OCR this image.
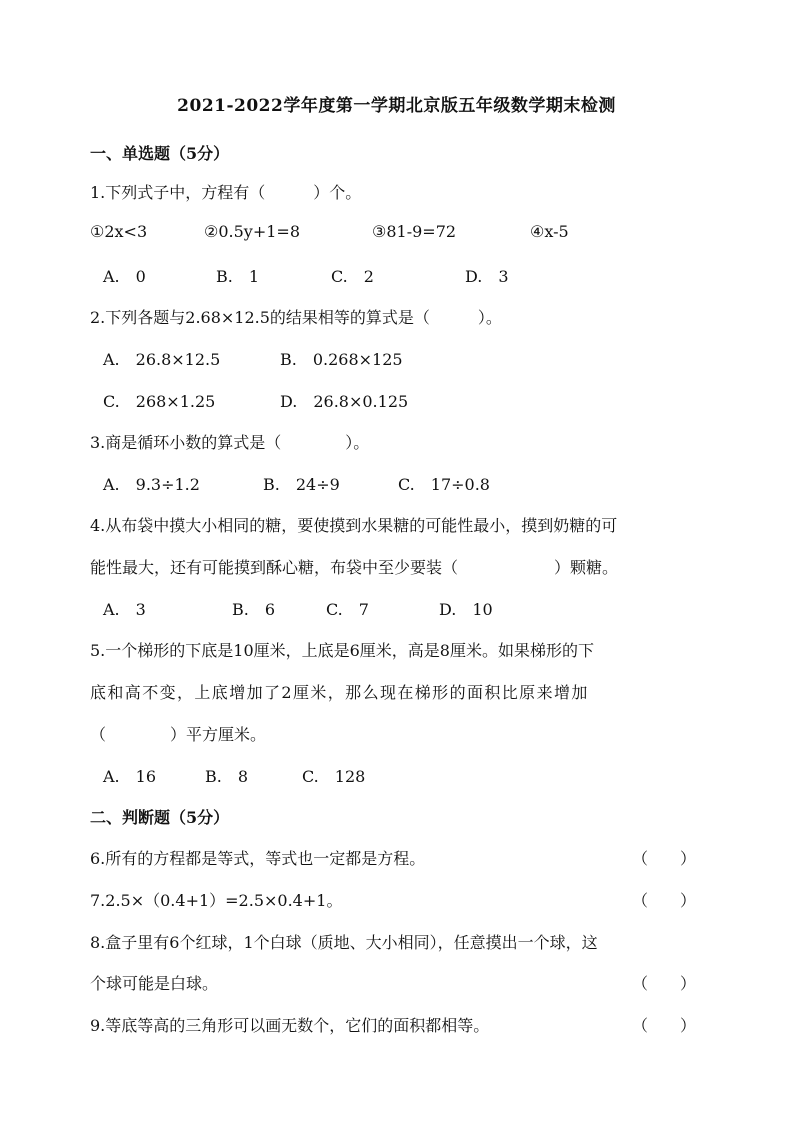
2021-2022学年度第一学期北京版五年级数学期末检测
一、单选题（5分）
1.下列式子中，方程有（　　　）个。
①2x<3	②0.5y+1=8	③81-9=72	④x-5
A.　0	B.　1	C.　2	D.　3
2.下列各题与2.68×12.5的结果相等的算式是（　　　）。
A.　26.8×12.5	B.　0.268×125
C.　268×1.25	D.　26.8×0.125
3.商是循环小数的算式是（　　　　）。
A.　9.3÷1.2	B.　24÷9	C.　17÷0.8
4.从布袋中摸大小相同的糖，要使摸到水果糖的可能性最小，摸到奶糖的可
能性最大，还有可能摸到酥心糖，布袋中至少要装（　　　　　　）颗糖。
A.　3	B.　6	C.　7	D.　10
5.一个梯形的下底是10厘米，上底是6厘米，高是8厘米。如果梯形的下
底和高不变，上底增加了2厘米，那么现在梯形的面积比原来增加
（　　　　）平方厘米。
A.　16	B.　8	C.　128
二、判断题（5分）
6.所有的方程都是等式，等式也一定都是方程。	（　　）
7.2.5×（0.4+1）=2.5×0.4+1。	（　　）
8.盒子里有6个红球，1个白球（质地、大小相同），任意摸出一个球，这
个球可能是白球。	（　　）
9.等底等高的三角形可以画无数个，它们的面积都相等。	（　　）
